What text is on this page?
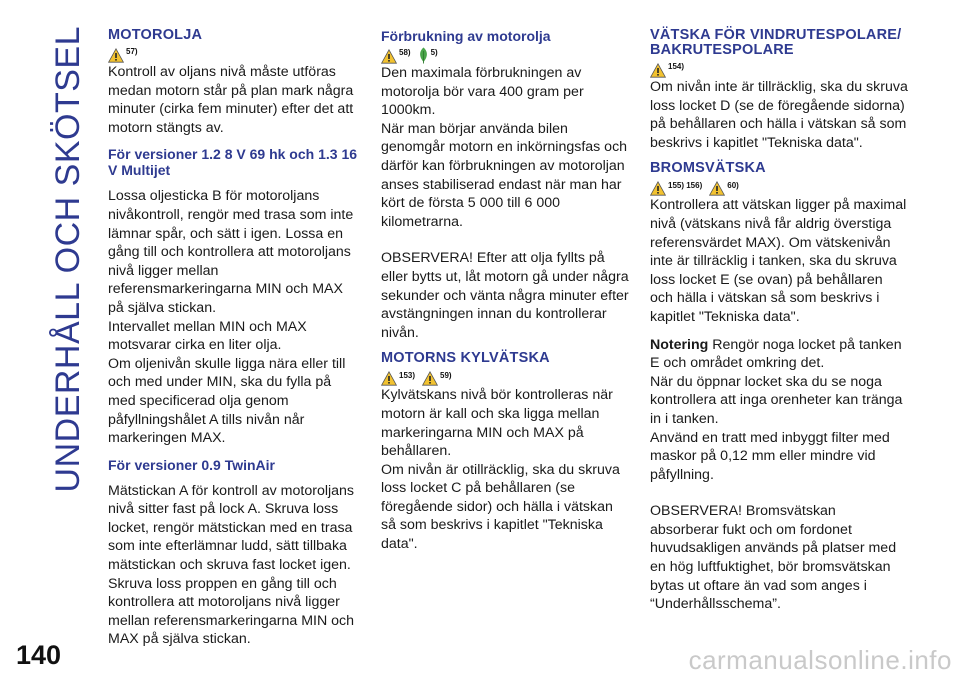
UNDERHÅLL OCH SKÖTSEL MOTOROLJA
57)

Kontroll av oljans nivå måste utföras medan motorn står på plan mark några minuter (cirka fem minuter) efter det att motorn stängts av.

För versioner 1.2 8 V 69 hk och 1.3 16 V Multijet

Lossa oljesticka B för motoroljans nivåkontroll, rengör med trasa som inte lämnar spår, och sätt i igen. Lossa en gång till och kontrollera att motoroljans nivå ligger mellan referensmarkeringarna MIN och MAX på själva stickan.

Intervallet mellan MIN och MAX motsvarar cirka en liter olja.

Om oljenivån skulle ligga nära eller till och med under MIN, ska du fylla på med specificerad olja genom påfyllningshålet A tills nivån når markeringen MAX.

För versioner 0.9 TwinAir

Mätstickan A för kontroll av motoroljans nivå sitter fast på lock A. Skruva loss locket, rengör mätstickan med en trasa som inte efterlämnar ludd, sätt tillbaka mätstickan och skruva fast locket igen. Skruva loss proppen en gång till och kontrollera att motoroljans nivå ligger mellan referensmarkeringarna MIN och MAX på själva stickan.

Förbrukning av motorolja
58)	5)

Den maximala förbrukningen av motorolja bör vara 400 gram per 1000km.

När man börjar använda bilen genomgår motorn en inkörningsfas och därför kan förbrukningen av motoroljan anses stabiliserad endast när man har kört de första 5 000 till 6 000 kilometrarna.

OBSERVERA! Efter att olja fyllts på eller bytts ut, låt motorn gå under några sekunder och vänta några minuter efter avstängningen innan du kontrollerar nivån.

MOTORNS KYLVÄTSKA
153)	59)

Kylvätskans nivå bör kontrolleras när motorn är kall och ska ligga mellan markeringarna MIN och MAX på behållaren.

Om nivån är otillräcklig, ska du skruva loss locket C på behållaren (se föregående sidor) och hälla i vätskan så som beskrivs i kapitlet "Tekniska data".

VÄTSKA FÖR VINDRUTESPOLARE/ BAKRUTESPOLARE
154)

Om nivån inte är tillräcklig, ska du skruva loss locket D (se de föregående sidorna) på behållaren och hälla i vätskan så som beskrivs i kapitlet "Tekniska data".

BROMSVÄTSKA
155) 156)	60)

Kontrollera att vätskan ligger på maximal nivå (vätskans nivå får aldrig överstiga referensvärdet MAX). Om vätskenivån inte är tillräcklig i tanken, ska du skruva loss locket E (se ovan) på behållaren och hälla i vätskan så som beskrivs i kapitlet "Tekniska data".

Notering Rengör noga locket på tanken E och området omkring det.

När du öppnar locket ska du se noga kontrollera att inga orenheter kan tränga in i tanken.

Använd en tratt med inbyggt filter med maskor på 0,12 mm eller mindre vid påfyllning.

OBSERVERA! Bromsvätskan absorberar fukt och om fordonet huvudsakligen används på platser med en hög luftfuktighet, bör bromsvätskan bytas ut oftare än vad som anges i “Underhållsschema”.

140	carmanualsonline.info
